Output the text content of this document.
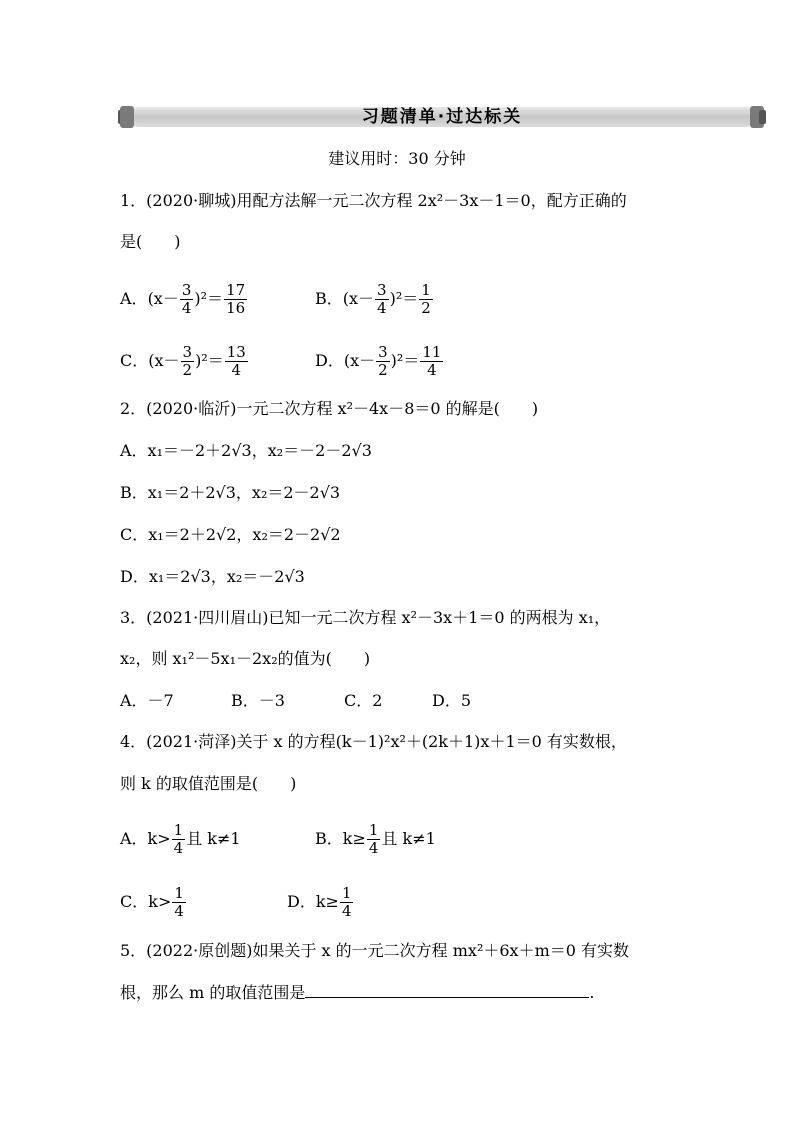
习题清单·过达标关
建议用时：30 分钟
1．(2020·聊城)用配方法解一元二次方程 2x²－3x－1＝0，配方正确的
是(　　)
A．$(x- \frac{3}{4} )^2= \frac{17}{16}$	B．$(x- \frac{3}{4} )^2= \frac{1}{2}$
C．$(x- \frac{3}{2} )^2= \frac{13}{4}$	D．$(x- \frac{3}{2} )^2= \frac{11}{4}$
2．(2020·临沂)一元二次方程 x²－4x－8＝0 的解是(　　)
A．x₁＝－2＋2√3，x₂＝－2－2√3
B．x₁＝2＋2√3，x₂＝2－2√3
C．x₁＝2＋2√2，x₂＝2－2√2
D．x₁＝2√3，x₂＝－2√3
3．(2021·四川眉山)已知一元二次方程 x²－3x＋1＝0 的两根为 x₁，
x₂，则 x₁²－5x₁－2x₂的值为(　　)
A．－7	B．－3	C．2	D．5
4．(2021·菏泽)关于 x 的方程(k－1)²x²＋(2k＋1)x＋1＝0 有实数根，
则 k 的取值范围是(　　)
A．$k> \frac{1}{4}$ 且 k≠1	B．$k\ge \frac{1}{4}$ 且 k≠1
C．$k> \frac{1}{4}$	D．$k\ge \frac{1}{4}$
5．(2022·原创题)如果关于 x 的一元二次方程 mx²＋6x＋m＝0 有实数
根，那么 m 的取值范围是	.
